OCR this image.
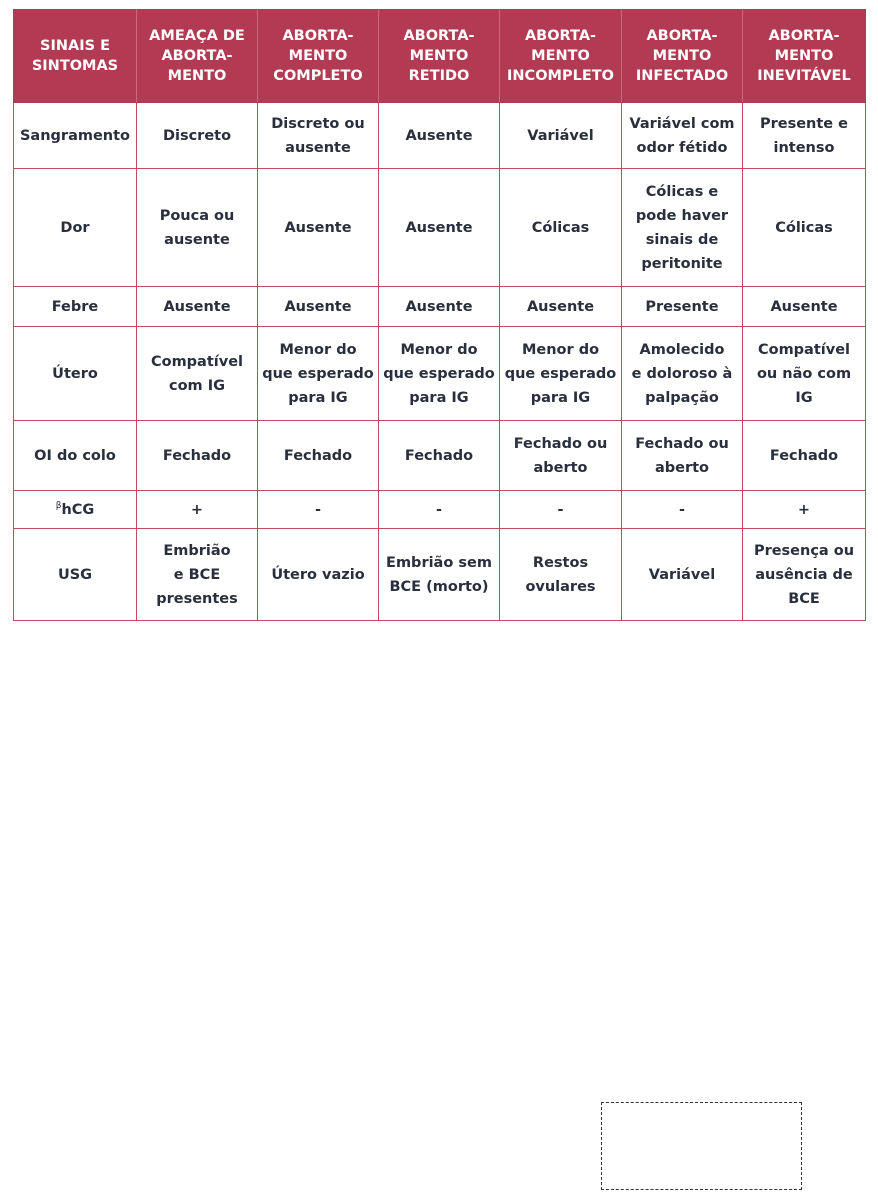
SINAIS E
SINTOMAS	AMEAÇA DE
ABORTA-
MENTO	ABORTA-
MENTO
COMPLETO	ABORTA-
MENTO
RETIDO	ABORTA-
MENTO
INCOMPLETO	ABORTA-
MENTO
INFECTADO	ABORTA-
MENTO
INEVITÁVEL
Sangramento	Discreto	Discreto ou
ausente	Ausente	Variável	Variável com
odor fétido	Presente e
intenso
Dor	Pouca ou
ausente	Ausente	Ausente	Cólicas	Cólicas e
pode haver
sinais de
peritonite	Cólicas
Febre	Ausente	Ausente	Ausente	Ausente	Presente	Ausente
Útero	Compatível
com IG	Menor do
que esperado
para IG	Menor do
que esperado
para IG	Menor do
que esperado
para IG	Amolecido
e doloroso à
palpação	Compatível
ou não com
IG
OI do colo	Fechado	Fechado	Fechado	Fechado ou
aberto	Fechado ou
aberto	Fechado
$^\beta$hCG	+	-	-	-	-	+
USG	Embrião
e BCE
presentes	Útero vazio	Embrião sem
BCE (morto)	Restos
ovulares	Variável	Presença ou
ausência de
BCE
